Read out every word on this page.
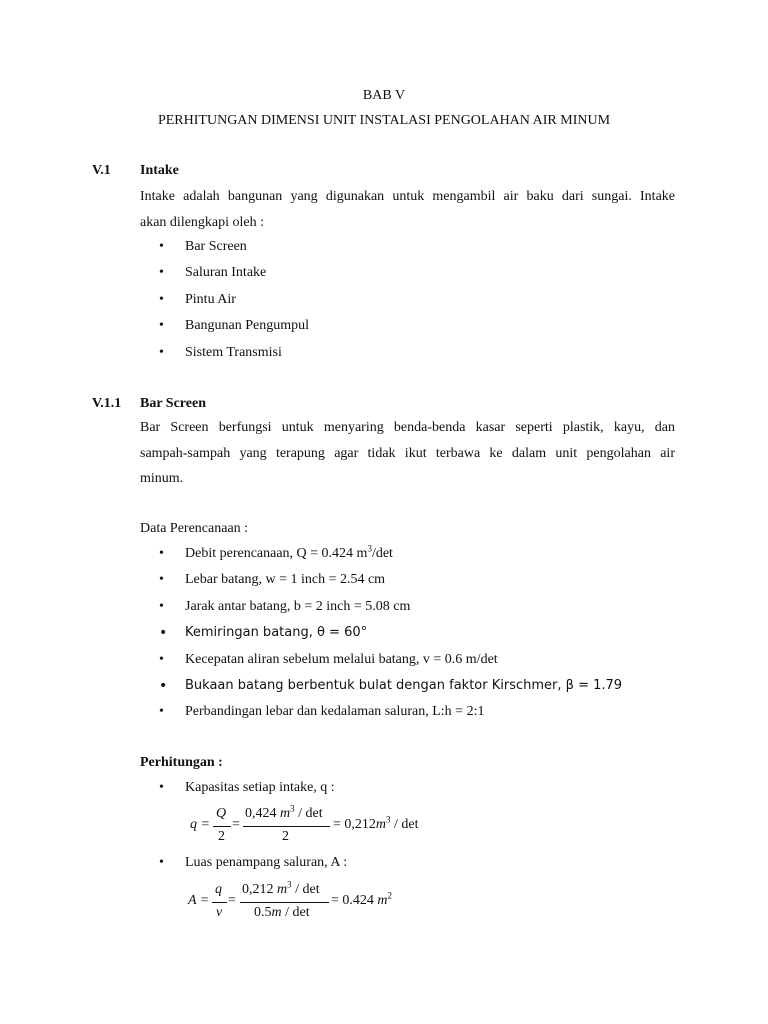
BAB V
PERHITUNGAN DIMENSI UNIT INSTALASI PENGOLAHAN AIR MINUM
V.1 Intake
Intake adalah bangunan yang digunakan untuk mengambil air baku dari sungai. Intake
akan dilengkapi oleh :
• Bar Screen
• Saluran Intake
• Pintu Air
• Bangunan Pengumpul
• Sistem Transmisi
V.1.1 Bar Screen
Bar Screen berfungsi untuk menyaring benda-benda kasar seperti plastik, kayu, dan
sampah-sampah yang terapung agar tidak ikut terbawa ke dalam unit pengolahan air
minum.
Data Perencanaan :
• Debit perencanaan, Q = 0.424 $m^3/\det$
• Lebar batang, w = 1 inch = 2.54 cm
• Jarak antar batang, b = 2 inch = 5.08 cm
• Kemiringan batang, θ = 60°
• Kecepatan aliran sebelum melalui batang, v = 0.6 m/det
• Bukaan batang berbentuk bulat dengan faktor Kirschmer, β = 1.79
• Perbandingan lebar dan kedalaman saluran, L:h = 2:1
Perhitungan :
• Kapasitas setiap intake, q :
q =
Q
2
=
0,424 $m^3$ / det
2
= $0,212m^3$ / det
• Luas penampang saluran, A :
A =
q
v
=
0,212 $m^3$ / det
0.5m / det
= 0.424 $m^2$
